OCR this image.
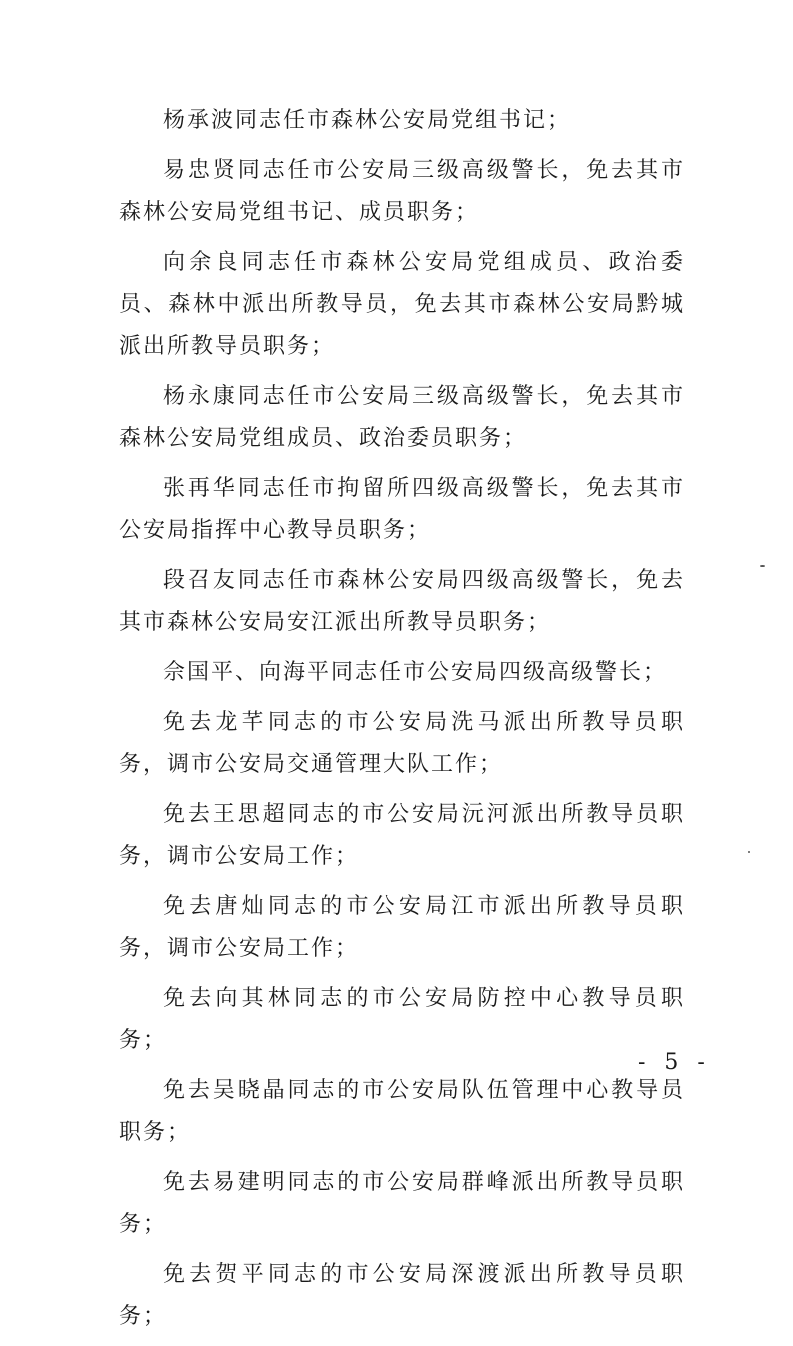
杨承波同志任市森林公安局党组书记；

易忠贤同志任市公安局三级高级警长，免去其市森林公安局党组书记、成员职务；

向余良同志任市森林公安局党组成员、政治委员、森林中派出所教导员，免去其市森林公安局黔城派出所教导员职务；

杨永康同志任市公安局三级高级警长，免去其市森林公安局党组成员、政治委员职务；

张再华同志任市拘留所四级高级警长，免去其市公安局指挥中心教导员职务；

段召友同志任市森林公安局四级高级警长，免去其市森林公安局安江派出所教导员职务；

佘国平、向海平同志任市公安局四级高级警长；

免去龙芊同志的市公安局洗马派出所教导员职务，调市公安局交通管理大队工作；

免去王思超同志的市公安局沅河派出所教导员职务，调市公安局工作；

免去唐灿同志的市公安局江市派出所教导员职务，调市公安局工作；

免去向其林同志的市公安局防控中心教导员职务；

免去吴晓晶同志的市公安局队伍管理中心教导员职务；

免去易建明同志的市公安局群峰派出所教导员职务；

免去贺平同志的市公安局深渡派出所教导员职务；

- 5 -
